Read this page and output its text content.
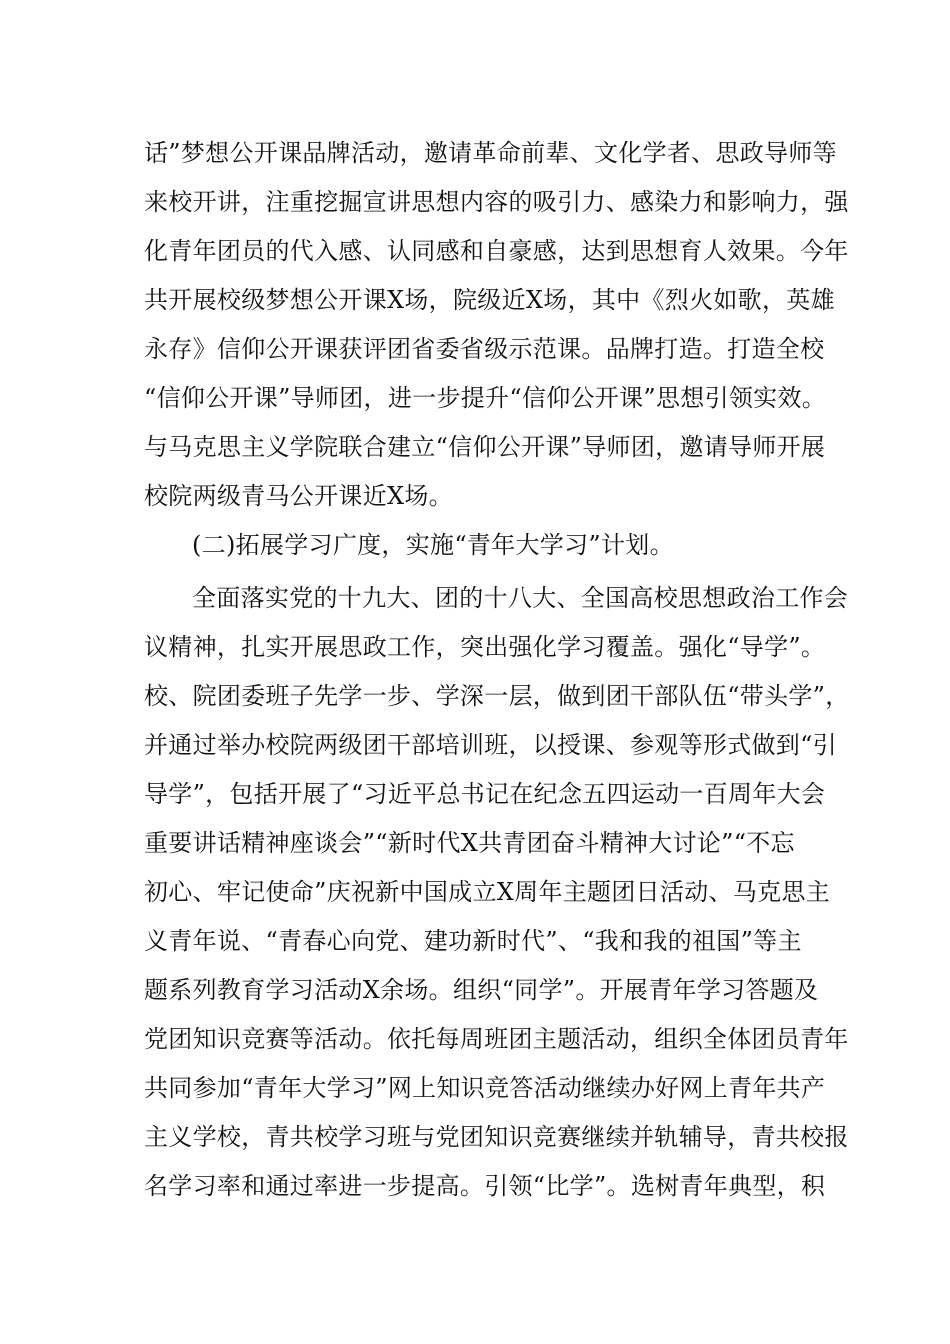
话”梦想公开课品牌活动，邀请革命前辈、文化学者、思政导师等
来校开讲，注重挖掘宣讲思想内容的吸引力、感染力和影响力，强
化青年团员的代入感、认同感和自豪感，达到思想育人效果。今年
共开展校级梦想公开课X场，院级近X场，其中《烈火如歌，英雄
永存》信仰公开课获评团省委省级示范课。品牌打造。打造全校
“信仰公开课”导师团，进一步提升“信仰公开课”思想引领实效。
与马克思主义学院联合建立“信仰公开课”导师团，邀请导师开展
校院两级青马公开课近X场。
(二)拓展学习广度，实施“青年大学习”计划。
全面落实党的十九大、团的十八大、全国高校思想政治工作会
议精神，扎实开展思政工作，突出强化学习覆盖。强化“导学”。
校、院团委班子先学一步、学深一层，做到团干部队伍“带头学”，
并通过举办校院两级团干部培训班，以授课、参观等形式做到“引
导学”，包括开展了“习近平总书记在纪念五四运动一百周年大会
重要讲话精神座谈会”“新时代X共青团奋斗精神大讨论”“不忘
初心、牢记使命”庆祝新中国成立X周年主题团日活动、马克思主
义青年说、“青春心向党、建功新时代”、“我和我的祖国”等主
题系列教育学习活动X余场。组织“同学”。开展青年学习答题及
党团知识竞赛等活动。依托每周班团主题活动，组织全体团员青年
共同参加“青年大学习”网上知识竞答活动继续办好网上青年共产
主义学校，青共校学习班与党团知识竞赛继续并轨辅导，青共校报
名学习率和通过率进一步提高。引领“比学”。选树青年典型，积
